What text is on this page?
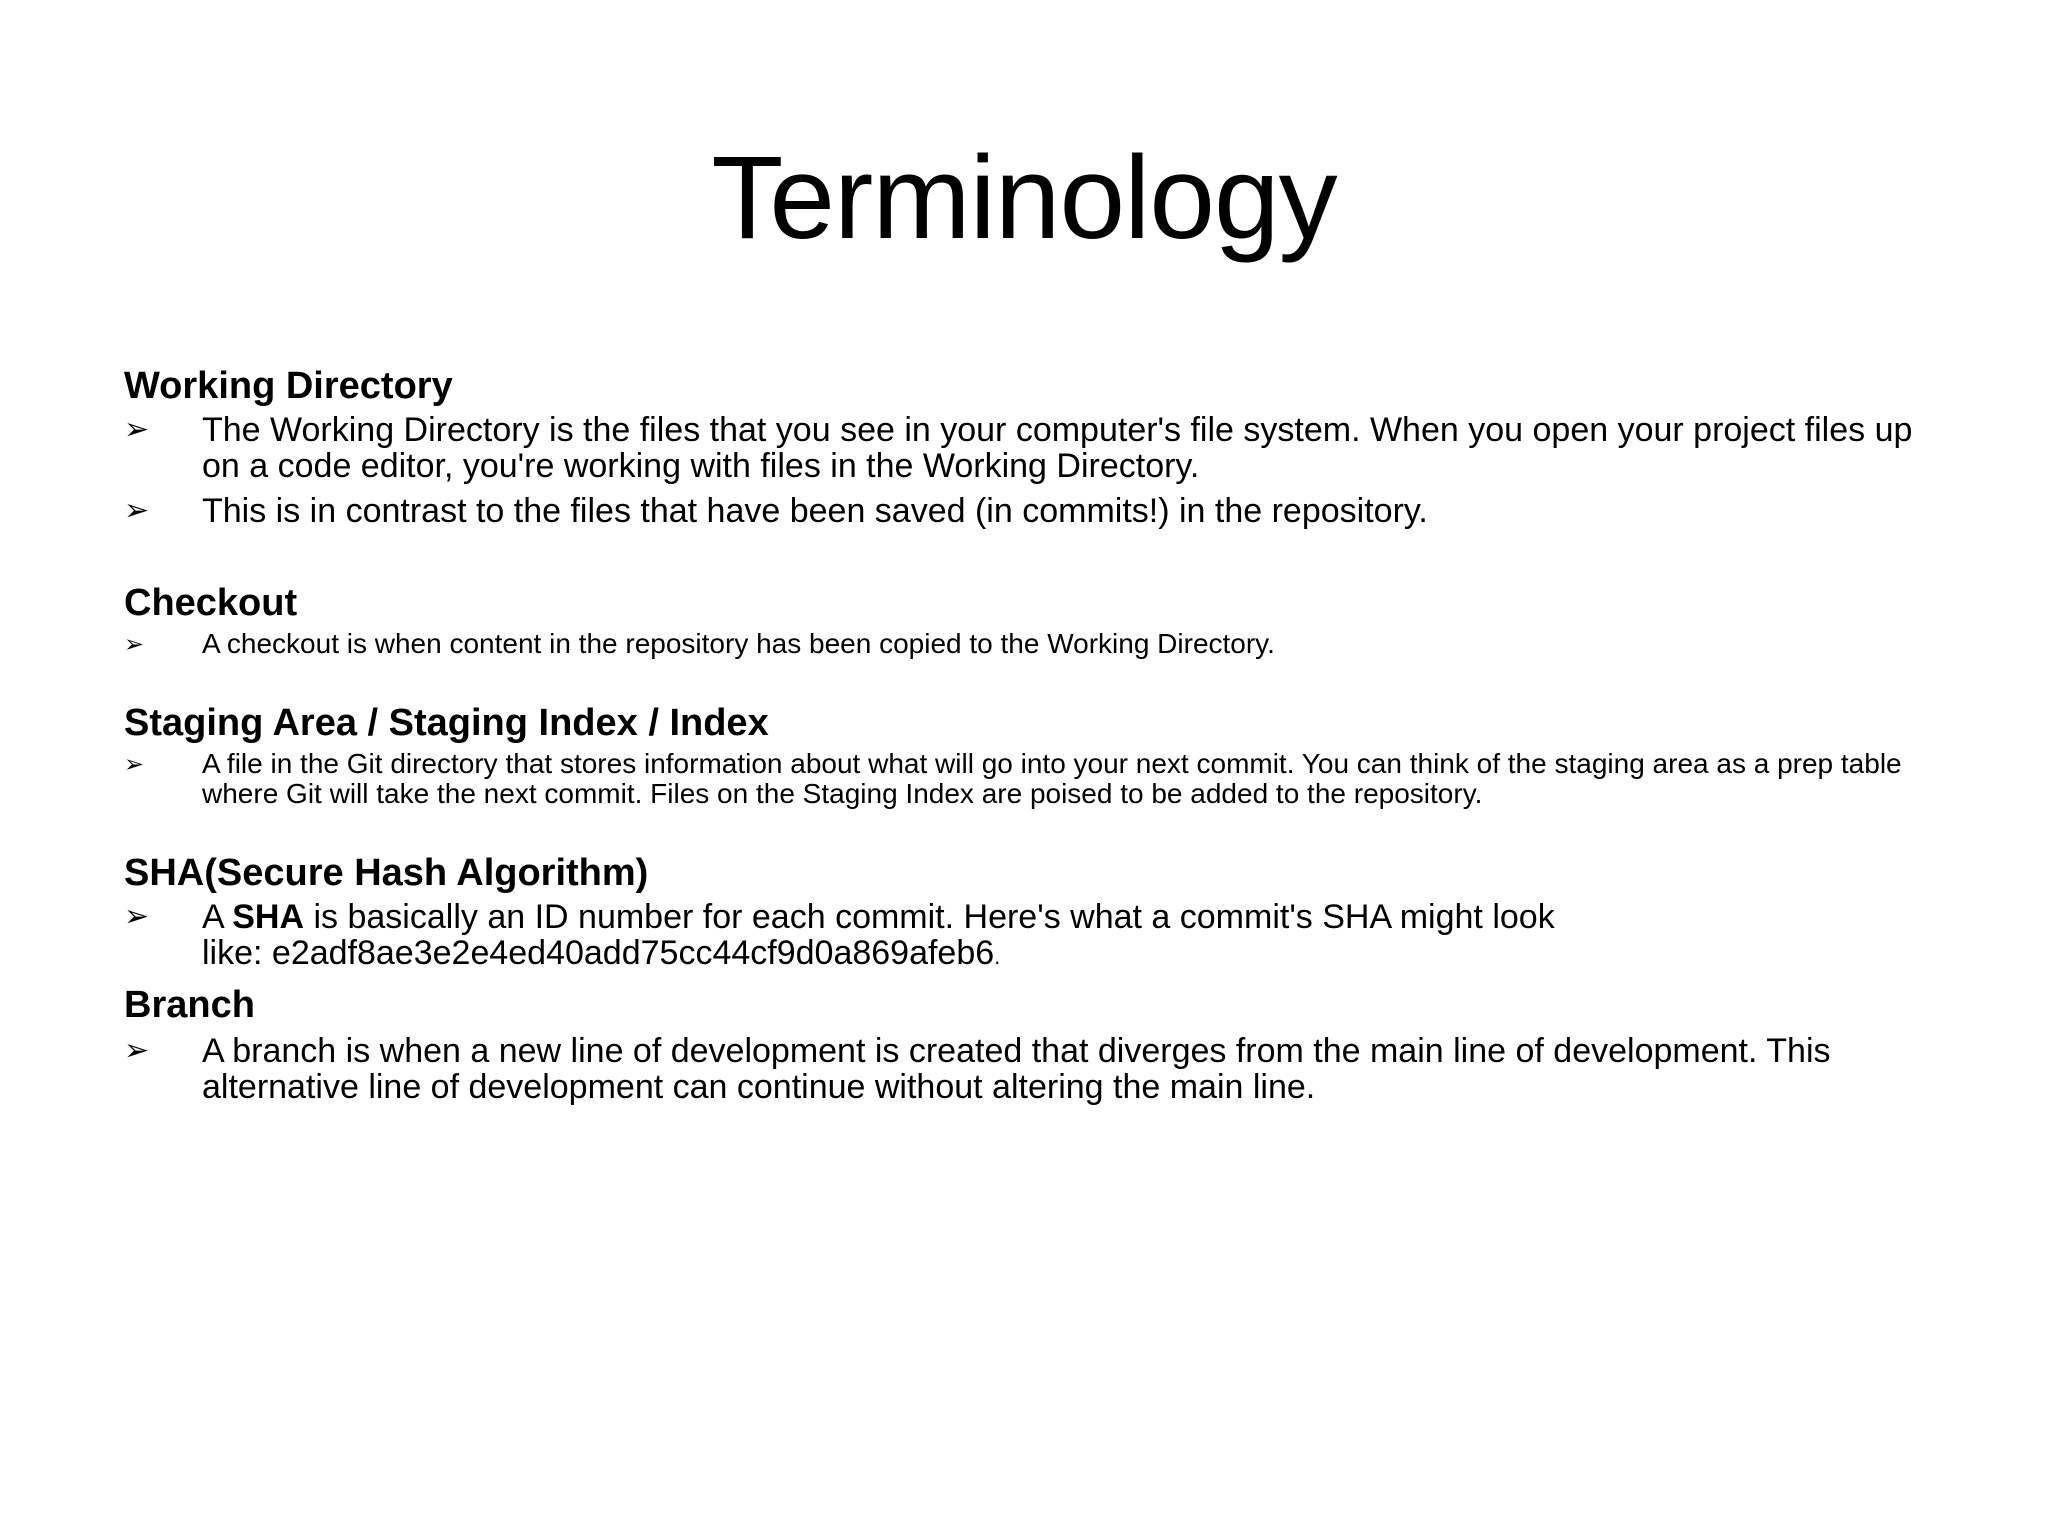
Terminology
Working Directory
➢ The Working Directory is the files that you see in your computer's file system. When you open your project files up on a code editor, you're working with files in the Working Directory.
➢ This is in contrast to the files that have been saved (in commits!) in the repository.
Checkout
➢ A checkout is when content in the repository has been copied to the Working Directory.
Staging Area / Staging Index / Index
➢ A file in the Git directory that stores information about what will go into your next commit. You can think of the staging area as a prep table where Git will take the next commit. Files on the Staging Index are poised to be added to the repository.
SHA(Secure Hash Algorithm)
➢ A SHA is basically an ID number for each commit. Here's what a commit's SHA might look like: e2adf8ae3e2e4ed40add75cc44cf9d0a869afeb6.
Branch
➢ A branch is when a new line of development is created that diverges from the main line of development. This alternative line of development can continue without altering the main line.
